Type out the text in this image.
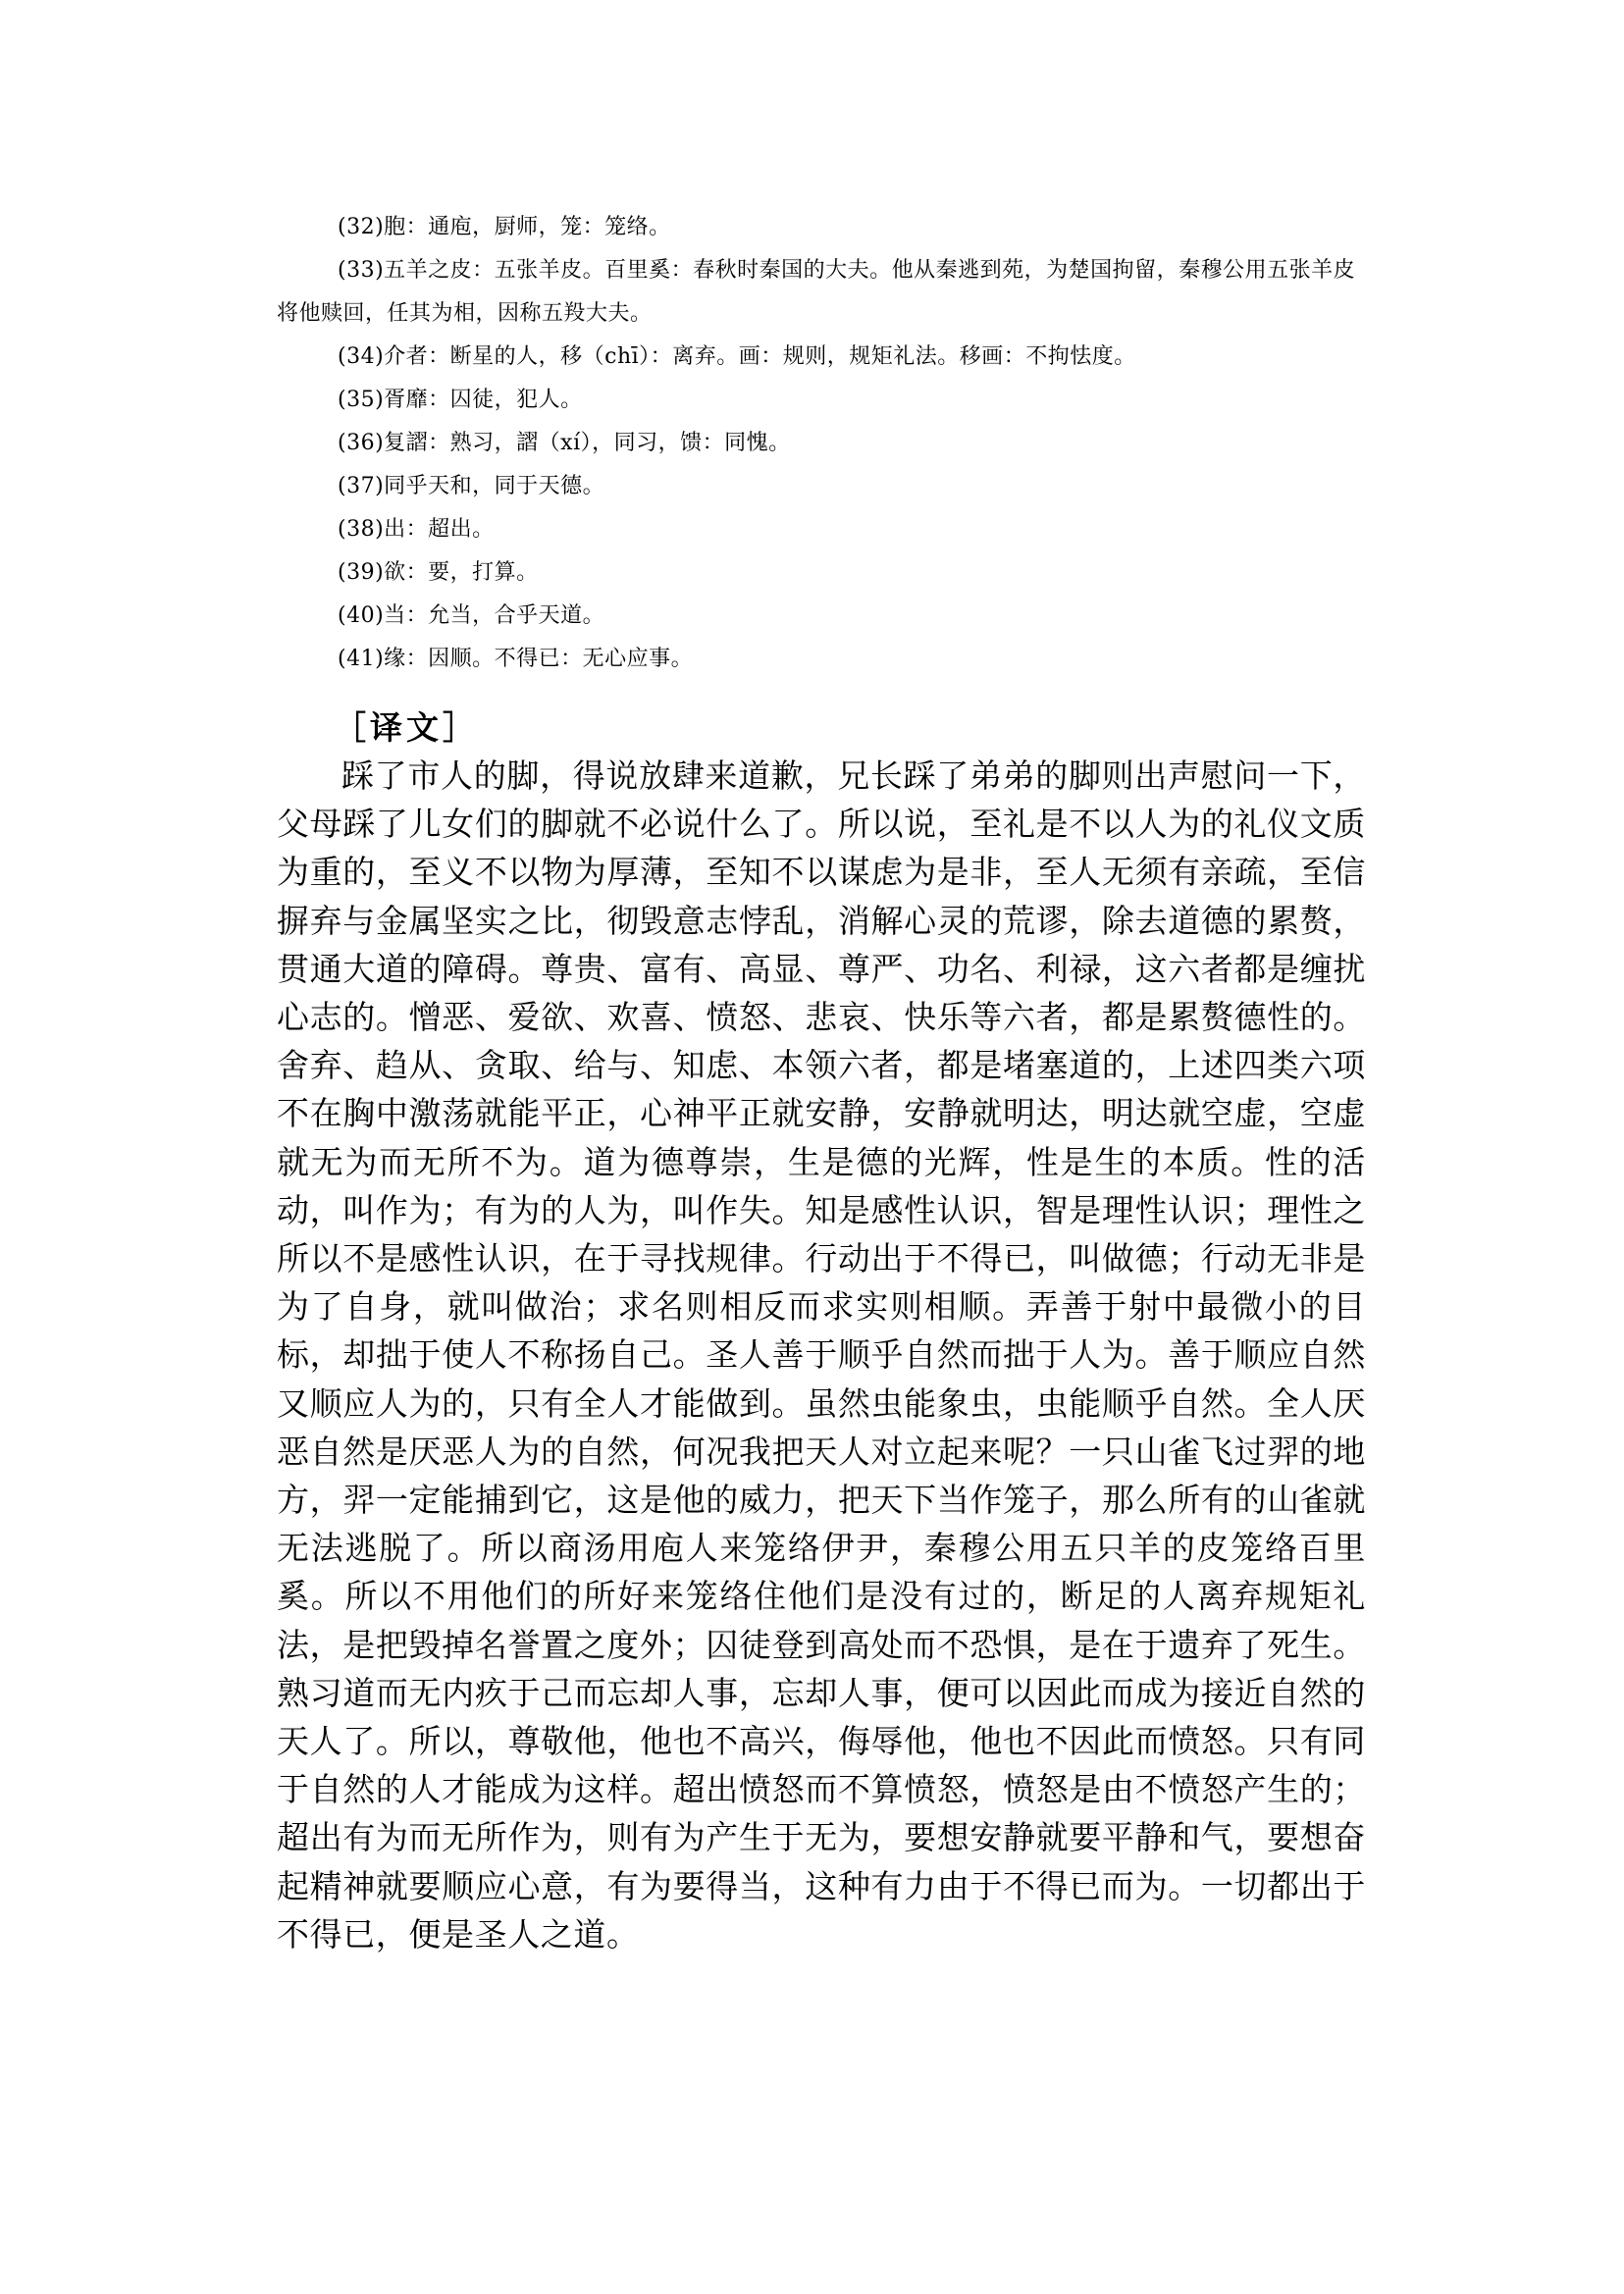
(32)胞：通庖，厨师，笼：笼络。

(33)五羊之皮：五张羊皮。百里奚：春秋时秦国的大夫。他从秦逃到苑，为楚国拘留，秦穆公用五张羊皮将他赎回，任其为相，因称五羖大夫。

(34)介者：断星的人，移（chī）：离弃。画：规则，规矩礼法。移画：不拘怯度。

(35)胥靡：囚徒，犯人。

(36)复謵：熟习，謵（xí），同习，馈：同愧。

(37)同乎天和，同于天德。

(38)出：超出。

(39)欲：要，打算。

(40)当：允当，合乎天道。

(41)缘：因顺。不得已：无心应事。

［译文］

踩了市人的脚，得说放肆来道歉，兄长踩了弟弟的脚则出声慰问一下，父母踩了儿女们的脚就不必说什么了。所以说，至礼是不以人为的礼仪文质为重的，至义不以物为厚薄，至知不以谋虑为是非，至人无须有亲疏，至信摒弃与金属坚实之比，彻毁意志悖乱，消解心灵的荒谬，除去道德的累赘，贯通大道的障碍。尊贵、富有、高显、尊严、功名、利禄，这六者都是缠扰心志的。憎恶、爱欲、欢喜、愤怒、悲哀、快乐等六者，都是累赘德性的。舍弃、趋从、贪取、给与、知虑、本领六者，都是堵塞道的，上述四类六项不在胸中激荡就能平正，心神平正就安静，安静就明达，明达就空虚，空虚就无为而无所不为。道为德尊崇，生是德的光辉，性是生的本质。性的活动，叫作为；有为的人为，叫作失。知是感性认识，智是理性认识；理性之所以不是感性认识，在于寻找规律。行动出于不得已，叫做德；行动无非是为了自身，就叫做治；求名则相反而求实则相顺。弄善于射中最微小的目标，却拙于使人不称扬自己。圣人善于顺乎自然而拙于人为。善于顺应自然又顺应人为的，只有全人才能做到。虽然虫能象虫，虫能顺乎自然。全人厌恶自然是厌恶人为的自然，何况我把天人对立起来呢？一只山雀飞过羿的地方，羿一定能捕到它，这是他的威力，把天下当作笼子，那么所有的山雀就无法逃脱了。所以商汤用庖人来笼络伊尹，秦穆公用五只羊的皮笼络百里奚。所以不用他们的所好来笼络住他们是没有过的，断足的人离弃规矩礼法，是把毁掉名誉置之度外；囚徒登到高处而不恐惧，是在于遗弃了死生。熟习道而无内疚于己而忘却人事，忘却人事，便可以因此而成为接近自然的天人了。所以，尊敬他，他也不高兴，侮辱他，他也不因此而愤怒。只有同于自然的人才能成为这样。超出愤怒而不算愤怒，愤怒是由不愤怒产生的；超出有为而无所作为，则有为产生于无为，要想安静就要平静和气，要想奋起精神就要顺应心意，有为要得当，这种有力由于不得已而为。一切都出于不得已，便是圣人之道。
